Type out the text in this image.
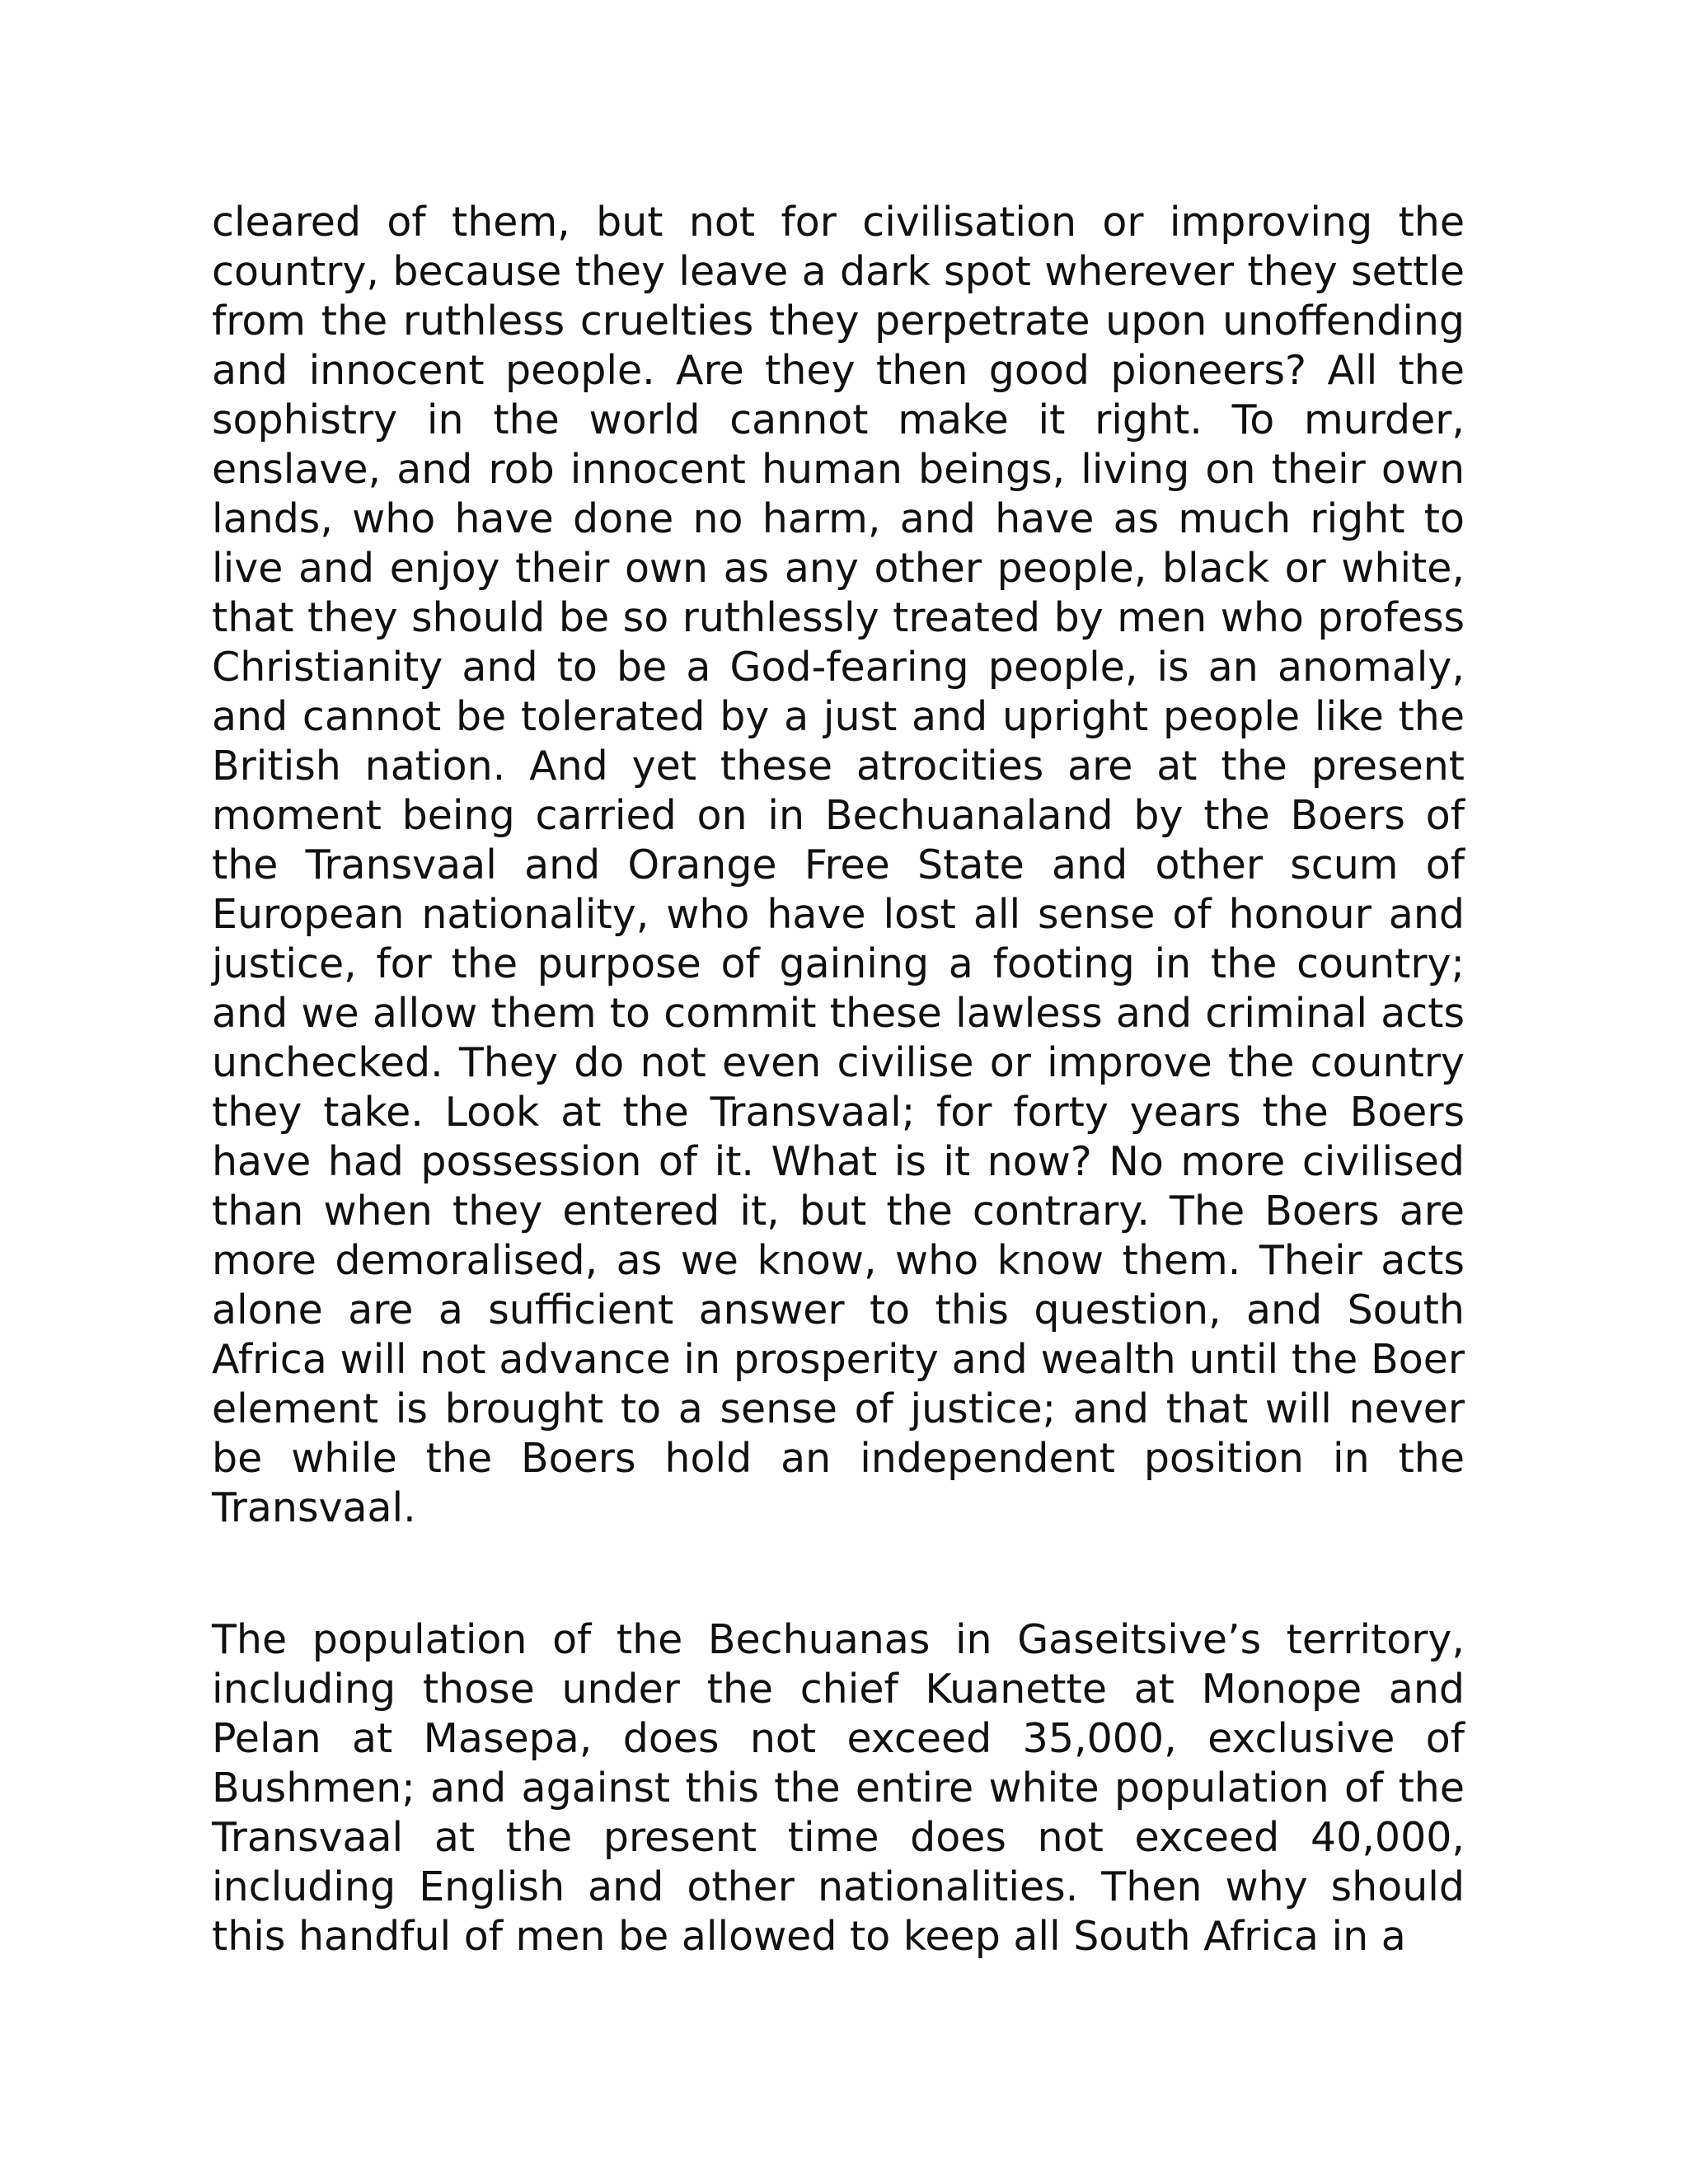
cleared of them, but not for civilisation or improving the country, because they leave a dark spot wherever they settle from the ruthless cruelties they perpetrate upon unoffending and innocent people. Are they then good pioneers? All the sophistry in the world cannot make it right. To murder, enslave, and rob innocent human beings, living on their own lands, who have done no harm, and have as much right to live and enjoy their own as any other people, black or white, that they should be so ruthlessly treated by men who profess Christianity and to be a God-fearing people, is an anomaly, and cannot be tolerated by a just and upright people like the British nation. And yet these atrocities are at the present moment being carried on in Bechuanaland by the Boers of the Transvaal and Orange Free State and other scum of European nationality, who have lost all sense of honour and justice, for the purpose of gaining a footing in the country; and we allow them to commit these lawless and criminal acts unchecked. They do not even civilise or improve the country they take. Look at the Transvaal; for forty years the Boers have had possession of it. What is it now? No more civilised than when they entered it, but the contrary. The Boers are more demoralised, as we know, who know them. Their acts alone are a sufficient answer to this question, and South Africa will not advance in prosperity and wealth until the Boer element is brought to a sense of justice; and that will never be while the Boers hold an independent position in the Transvaal.

The population of the Bechuanas in Gaseitsive’s territory, including those under the chief Kuanette at Monope and Pelan at Masepa, does not exceed 35,000, exclusive of Bushmen; and against this the entire white population of the Transvaal at the present time does not exceed 40,000, including English and other nationalities. Then why should this handful of men be allowed to keep all South Africa in a
